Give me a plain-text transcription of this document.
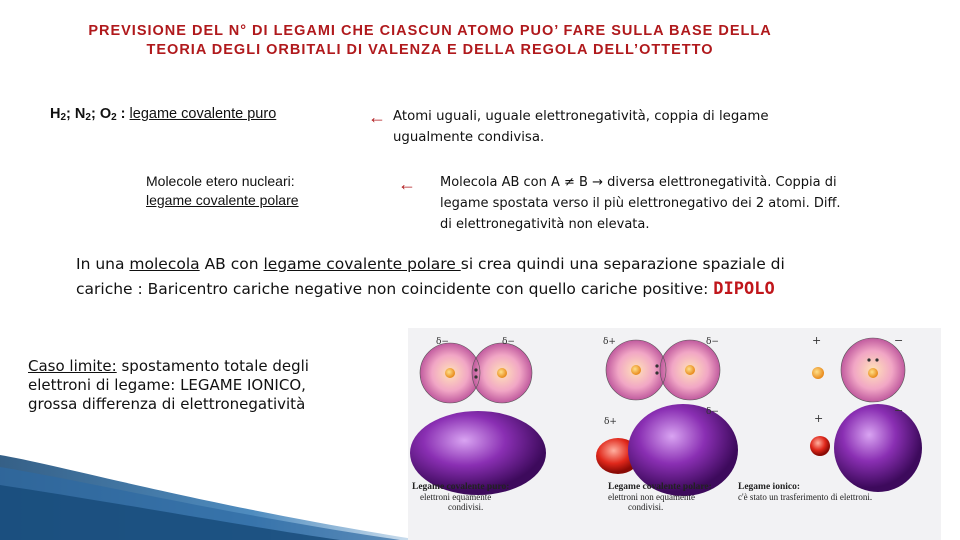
PREVISIONE DEL N° DI LEGAMI CHE CIASCUN ATOMO PUO’ FARE SULLA BASE DELLA
TEORIA DEGLI ORBITALI DI VALENZA E DELLA REGOLA DELL’OTTETTO
$H_2$; $N_2$; $O_2$ : legame covalente puro	← Atomi uguali, uguale elettronegatività, coppia di legame
ugualmente condivisa.
Molecole etero nucleari:
legame covalente polare
← Molecola AB con A ≠ B → diversa elettronegatività. Coppia di
legame spostata verso il più elettronegativo dei 2 atomi. Diff.
di elettronegatività non elevata.
In una molecola AB con legame covalente polare si crea quindi una separazione spaziale di
cariche : Baricentro cariche negative non coincidente con quello cariche positive: DIPOLO
Caso limite: spostamento totale degli
elettroni di legame: LEGAME IONICO,
grossa differenza di elettronegatività
δ−	δ−	δ+	δ−
δ+
δ−
+	−
+
−
Legame covalente puro:
elettroni equamente
condivisi.
Legame covalente polare:
elettroni non equamente
condivisi.
Legame ionico:
c'è stato un trasferimento di elettroni.
